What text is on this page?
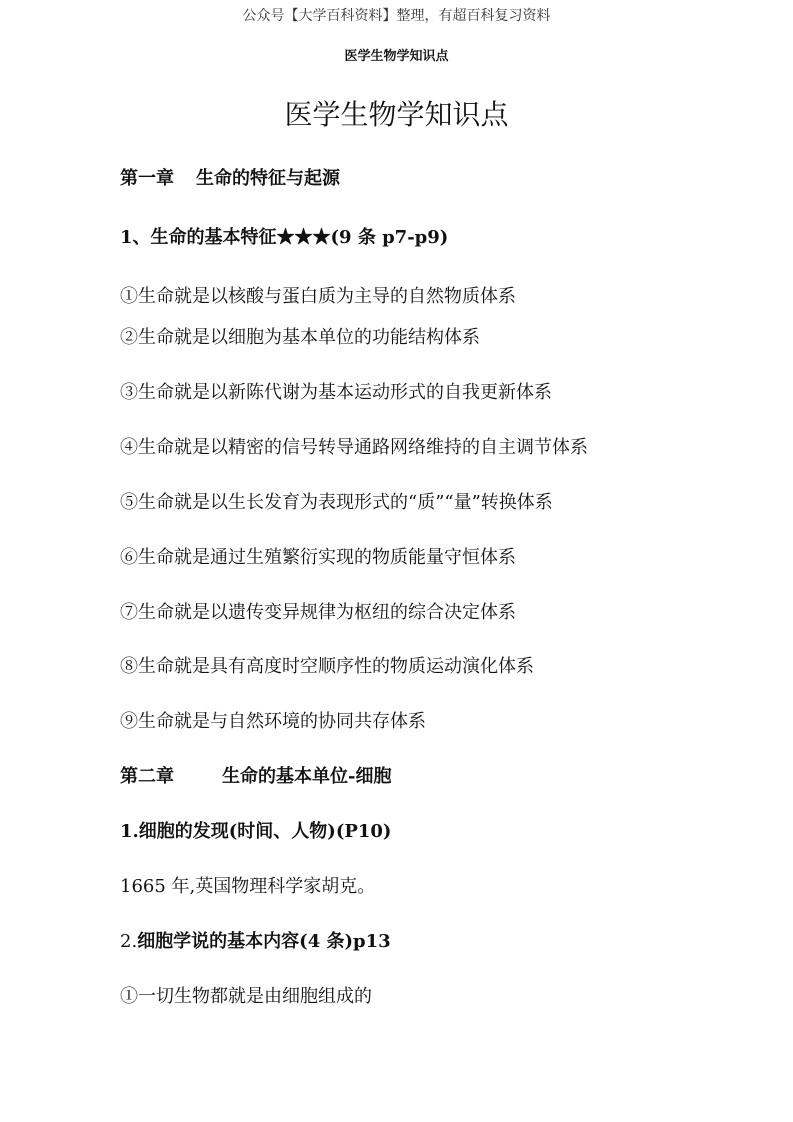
公众号【大学百科资料】整理，有超百科复习资料
医学生物学知识点
医学生物学知识点
第一章 生命的特征与起源
1、生命的基本特征★★★(9 条 p7-p9)
①生命就是以核酸与蛋白质为主导的自然物质体系
②生命就是以细胞为基本单位的功能结构体系
③生命就是以新陈代谢为基本运动形式的自我更新体系
④生命就是以精密的信号转导通路网络维持的自主调节体系
⑤生命就是以生长发育为表现形式的“质”“量”转换体系
⑥生命就是通过生殖繁衍实现的物质能量守恒体系
⑦生命就是以遗传变异规律为枢纽的综合决定体系
⑧生命就是具有高度时空顺序性的物质运动演化体系
⑨生命就是与自然环境的协同共存体系
第二章	生命的基本单位-细胞
1.细胞的发现(时间、人物)(P10)
1665 年,英国物理科学家胡克。
2.细胞学说的基本内容(4 条)p13
①一切生物都就是由细胞组成的
